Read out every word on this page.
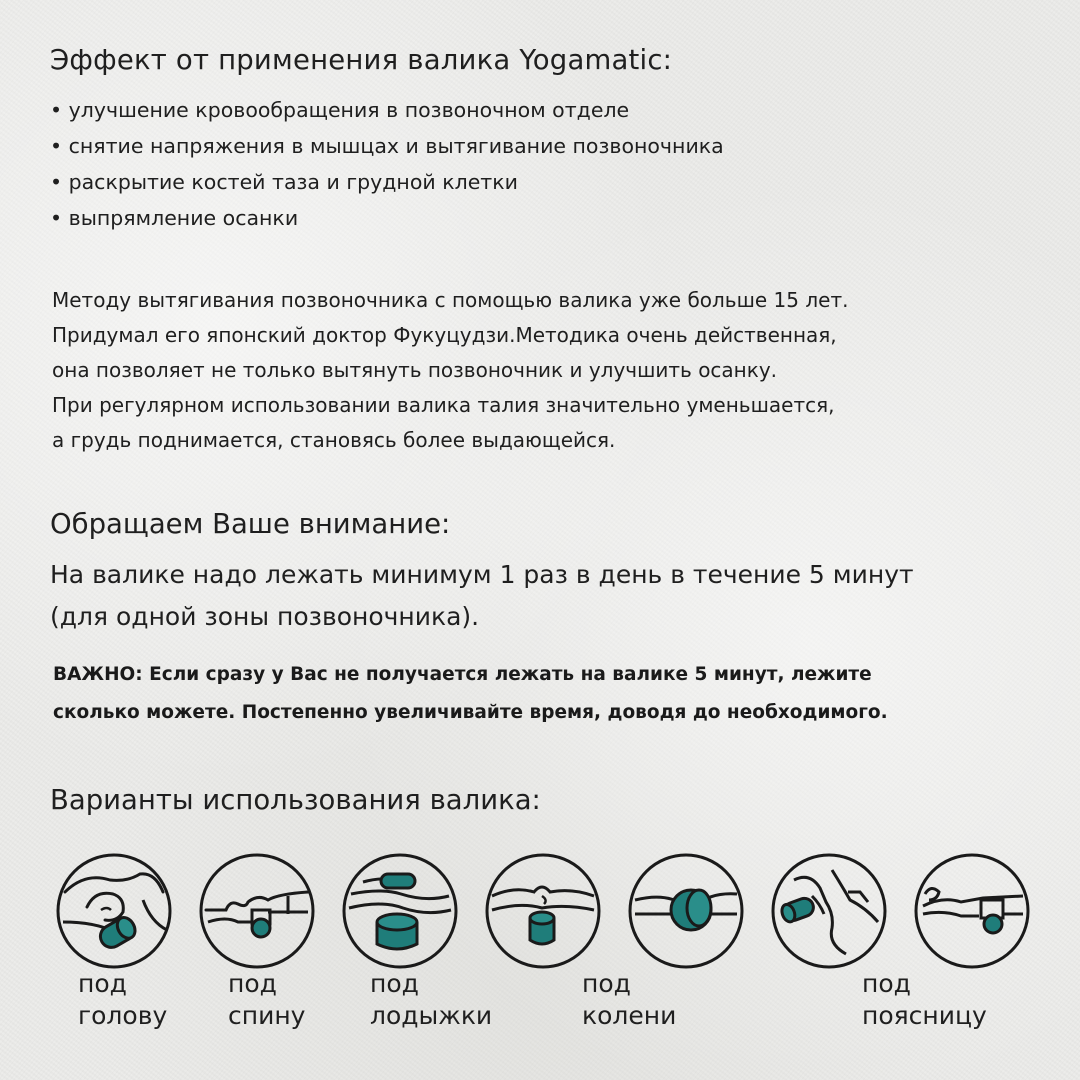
Эффект от применения валика Yogamatic:
• улучшение кровообращения в позвоночном отделе
• снятие напряжения в мышцах и вытягивание позвоночника
• раскрытие костей таза и грудной клетки
• выпрямление осанки
Методу вытягивания позвоночника с помощью валика уже больше 15 лет.
Придумал его японский доктор Фукуцудзи.Методика очень действенная,
она позволяет не только вытянуть позвоночник и улучшить осанку.
При регулярном использовании валика талия значительно уменьшается,
а грудь поднимается, становясь более выдающейся.
Обращаем Ваше внимание:
На валике надо лежать минимум 1 раз в день в течение 5 минут
(для одной зоны позвоночника).
ВАЖНО: Если сразу у Вас не получается лежать на валике 5 минут, лежите
сколько можете. Постепенно увеличивайте время, доводя до необходимого.
Варианты использования валика:
под
голову
под
спину
под
лодыжки
под
колени
под
поясницу
